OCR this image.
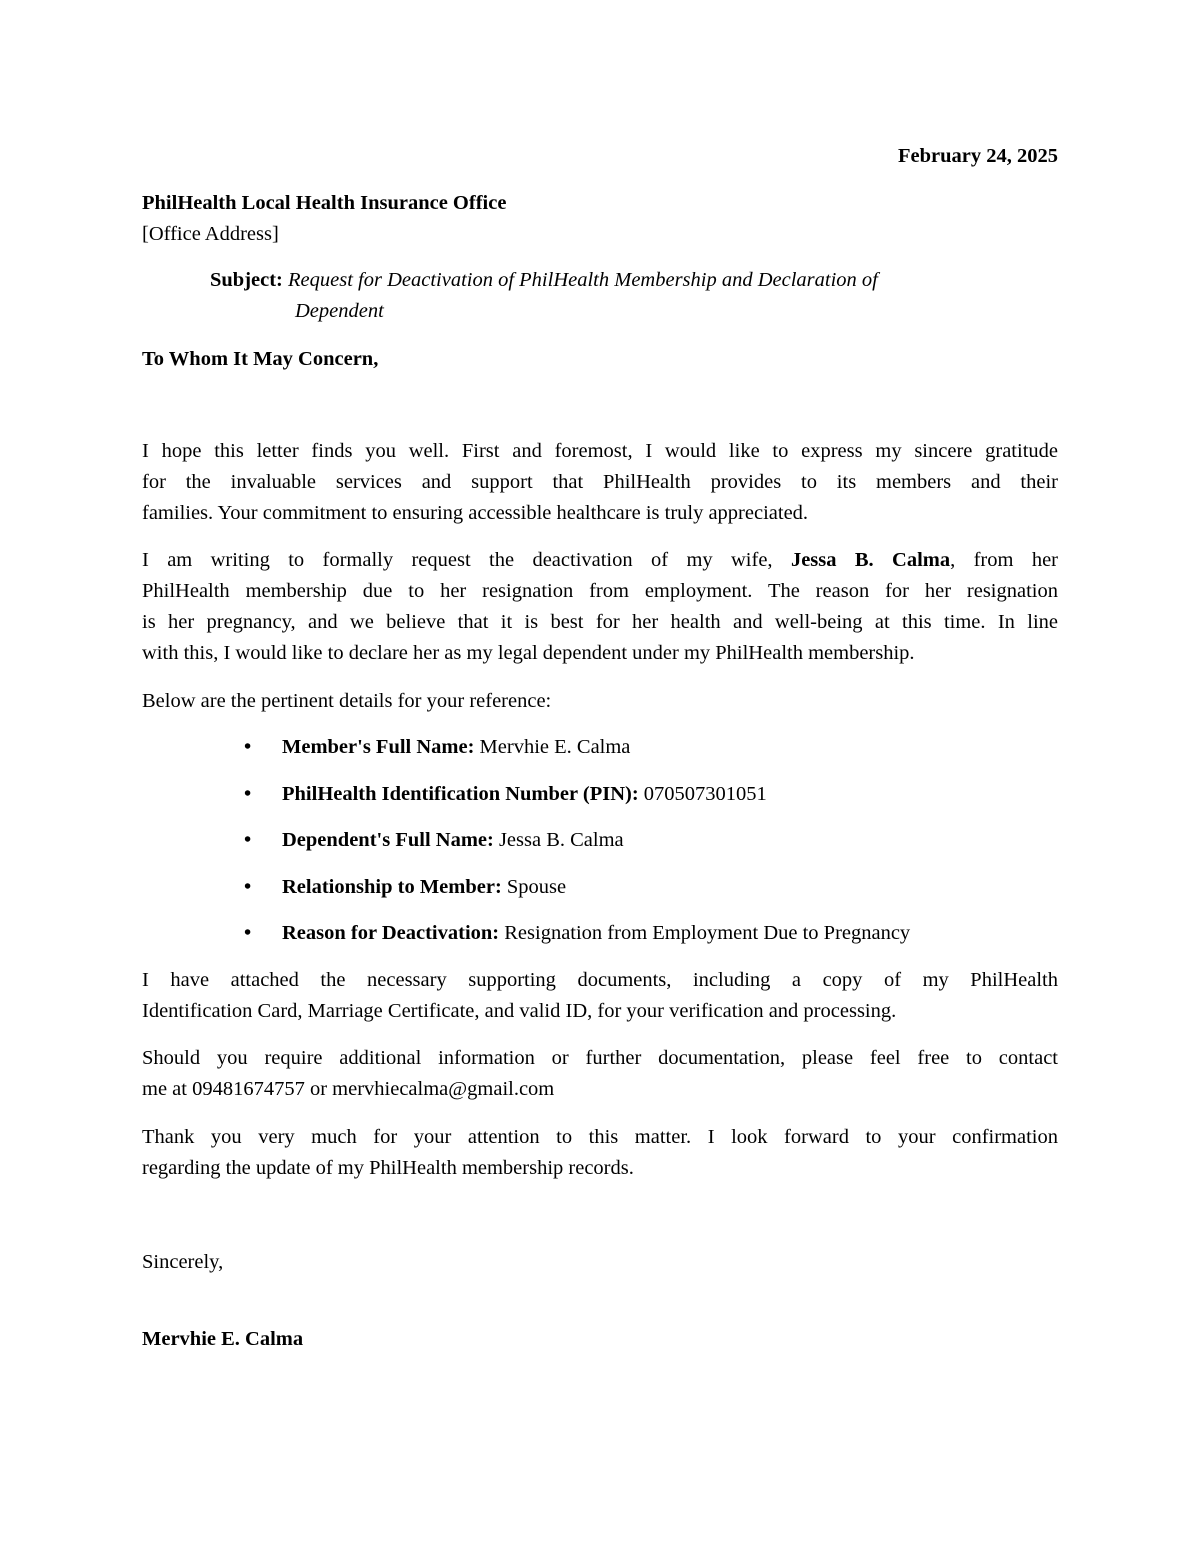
February 24, 2025
PhilHealth Local Health Insurance Office
[Office Address]
Subject: Request for Deactivation of PhilHealth Membership and Declaration of
Dependent
To Whom It May Concern,
I hope this letter finds you well. First and foremost, I would like to express my sincere gratitude
for the invaluable services and support that PhilHealth provides to its members and their
families. Your commitment to ensuring accessible healthcare is truly appreciated.
I am writing to formally request the deactivation of my wife, Jessa B. Calma, from her
PhilHealth membership due to her resignation from employment. The reason for her resignation
is her pregnancy, and we believe that it is best for her health and well-being at this time. In line
with this, I would like to declare her as my legal dependent under my PhilHealth membership.
Below are the pertinent details for your reference:
• Member's Full Name: Mervhie E. Calma
• PhilHealth Identification Number (PIN): 070507301051
• Dependent's Full Name: Jessa B. Calma
• Relationship to Member: Spouse
• Reason for Deactivation: Resignation from Employment Due to Pregnancy
I have attached the necessary supporting documents, including a copy of my PhilHealth
Identification Card, Marriage Certificate, and valid ID, for your verification and processing.
Should you require additional information or further documentation, please feel free to contact
me at 09481674757 or mervhiecalma@gmail.com
Thank you very much for your attention to this matter. I look forward to your confirmation
regarding the update of my PhilHealth membership records.
Sincerely,
Mervhie E. Calma
